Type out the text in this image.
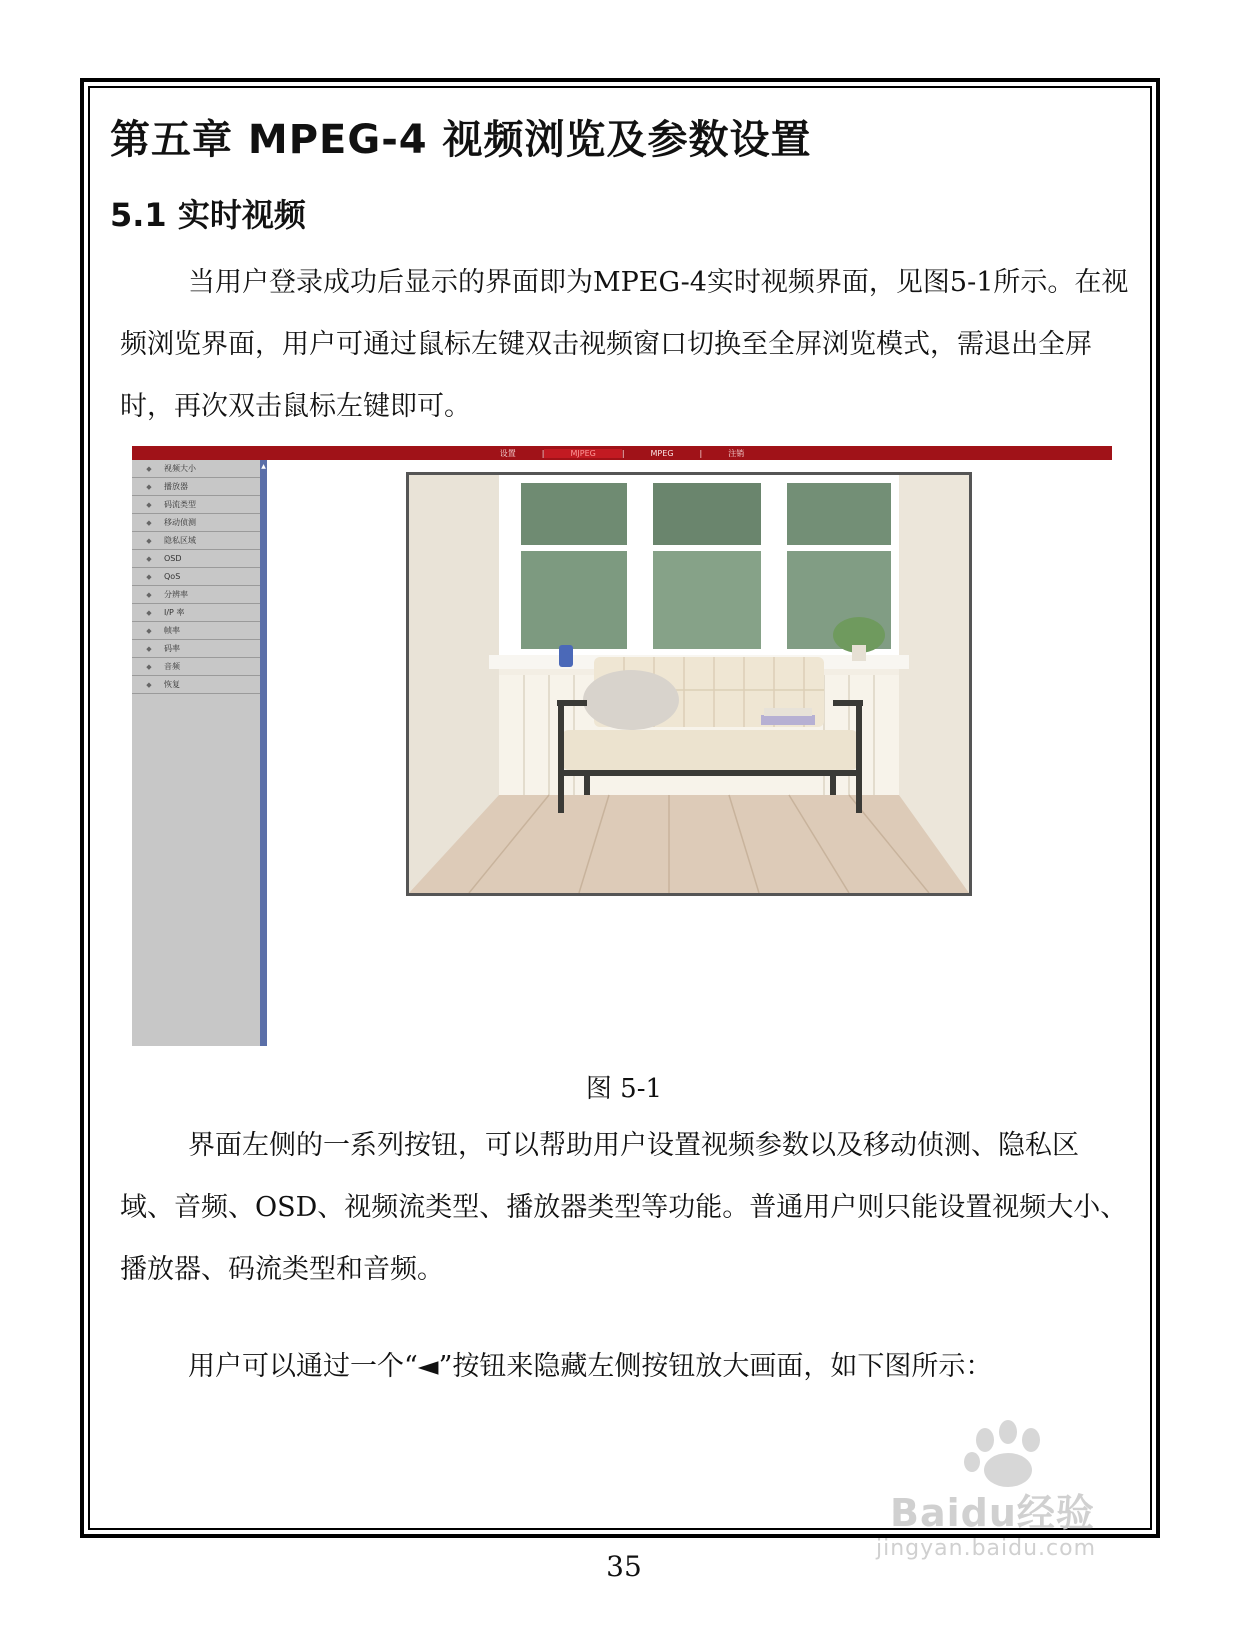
第五章 MPEG-4 视频浏览及参数设置
5.1 实时视频

当用户登录成功后显示的界面即为MPEG-4实时视频界面，见图5-1所示。在视频浏览界面，用户可通过鼠标左键双击视频窗口切换至全屏浏览模式，需退出全屏时，再次双击鼠标左键即可。

设置	|	MJPEG	|	MPEG	|	注销
◆ 视频大小
◆ 播放器
◆ 码流类型
◆ 移动侦测
◆ 隐私区域
◆ OSD
◆ QoS
◆ 分辨率
◆ I/P 率
◆ 帧率
◆ 码率
◆ 音频
◆ 恢复
▲

图 5-1

界面左侧的一系列按钮，可以帮助用户设置视频参数以及移动侦测、隐私区域、音频、OSD、视频流类型、播放器类型等功能。普通用户则只能设置视频大小、播放器、码流类型和音频。

用户可以通过一个“◄”按钮来隐藏左侧按钮放大画面，如下图所示：

35

Baidu经验
jingyan.baidu.com
